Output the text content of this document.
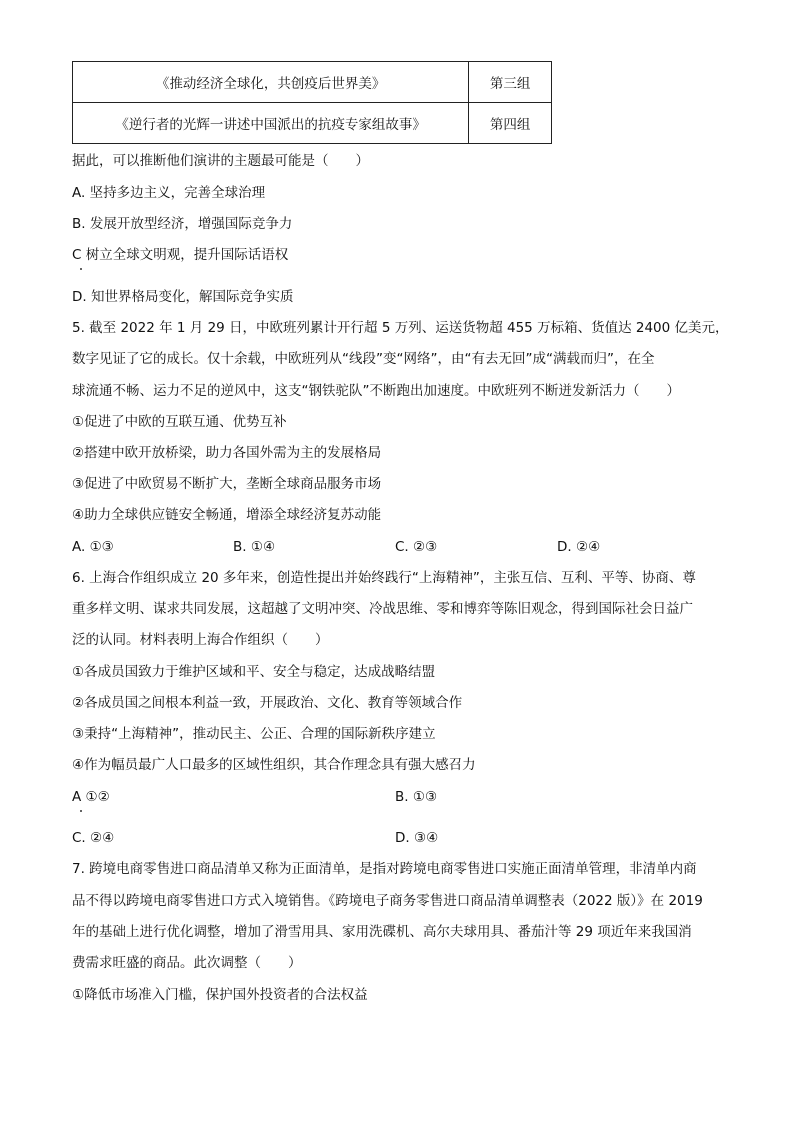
《推动经济全球化，共创疫后世界美》	第三组
《逆行者的光辉一讲述中国派出的抗疫专家组故事》	第四组
据此，可以推断他们演讲的主题最可能是（　　）
A. 坚持多边主义，完善全球治理
B. 发展开放型经济，增强国际竞争力
C 树立全球文明观，提升国际话语权
D. 知世界格局变化，解国际竞争实质
5. 截至 2022 年 1 月 29 日，中欧班列累计开行超 5 万列、运送货物超 455 万标箱、货值达 2400 亿美元，
数字见证了它的成长。仅十余载，中欧班列从“线段”变“网络”，由“有去无回”成“满载而归”，在全
球流通不畅、运力不足的逆风中，这支“钢铁驼队”不断跑出加速度。中欧班列不断迸发新活力（　　）
①促进了中欧的互联互通、优势互补
②搭建中欧开放桥梁，助力各国外需为主的发展格局
③促进了中欧贸易不断扩大，垄断全球商品服务市场
④助力全球供应链安全畅通，增添全球经济复苏动能
A. ①③	B. ①④	C. ②③	D. ②④
6. 上海合作组织成立 20 多年来，创造性提出并始终践行“上海精神”，主张互信、互利、平等、协商、尊
重多样文明、谋求共同发展，这超越了文明冲突、冷战思维、零和博弈等陈旧观念，得到国际社会日益广
泛的认同。材料表明上海合作组织（　　）
①各成员国致力于维护区域和平、安全与稳定，达成战略结盟
②各成员国之间根本利益一致，开展政治、文化、教育等领域合作
③秉持“上海精神”，推动民主、公正、合理的国际新秩序建立
④作为幅员最广人口最多的区域性组织，其合作理念具有强大感召力
A ①②	B. ①③
C. ②④	D. ③④
7. 跨境电商零售进口商品清单又称为正面清单，是指对跨境电商零售进口实施正面清单管理，非清单内商
品不得以跨境电商零售进口方式入境销售。《跨境电子商务零售进口商品清单调整表（2022 版）》在 2019
年的基础上进行优化调整，增加了滑雪用具、家用洗碟机、高尔夫球用具、番茄汁等 29 项近年来我国消
费需求旺盛的商品。此次调整（　　）
①降低市场准入门槛，保护国外投资者的合法权益
